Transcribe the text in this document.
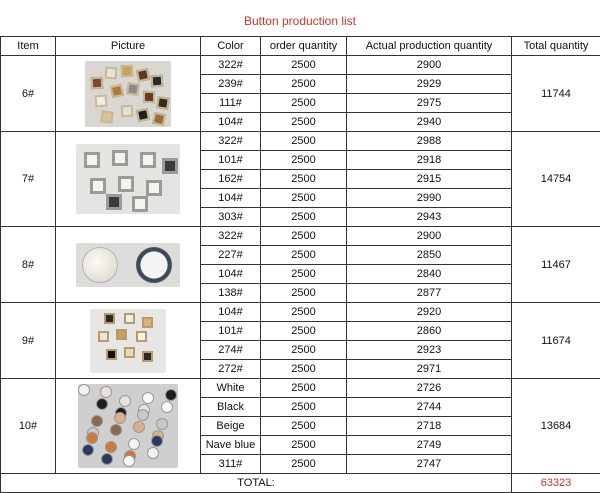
Button production list
Item	Picture	Color	order quantity	Actual production quantity	Total quantity
6#		322#	2500	2900	11744
		239#	2500	2929	
		111#	2500	2975	
		104#	2500	2940	
7#		322#	2500	2988	14754
		101#	2500	2918	
		162#	2500	2915	
		104#	2500	2990	
		303#	2500	2943	
8#		322#	2500	2900	11467
		227#	2500	2850	
		104#	2500	2840	
		138#	2500	2877	
9#		104#	2500	2920	11674
		101#	2500	2860	
		274#	2500	2923	
		272#	2500	2971	
10#		White	2500	2726	13684
		Black	2500	2744	
		Beige	2500	2718	
		Nave blue	2500	2749	
		311#	2500	2747	
TOTAL:					63323
